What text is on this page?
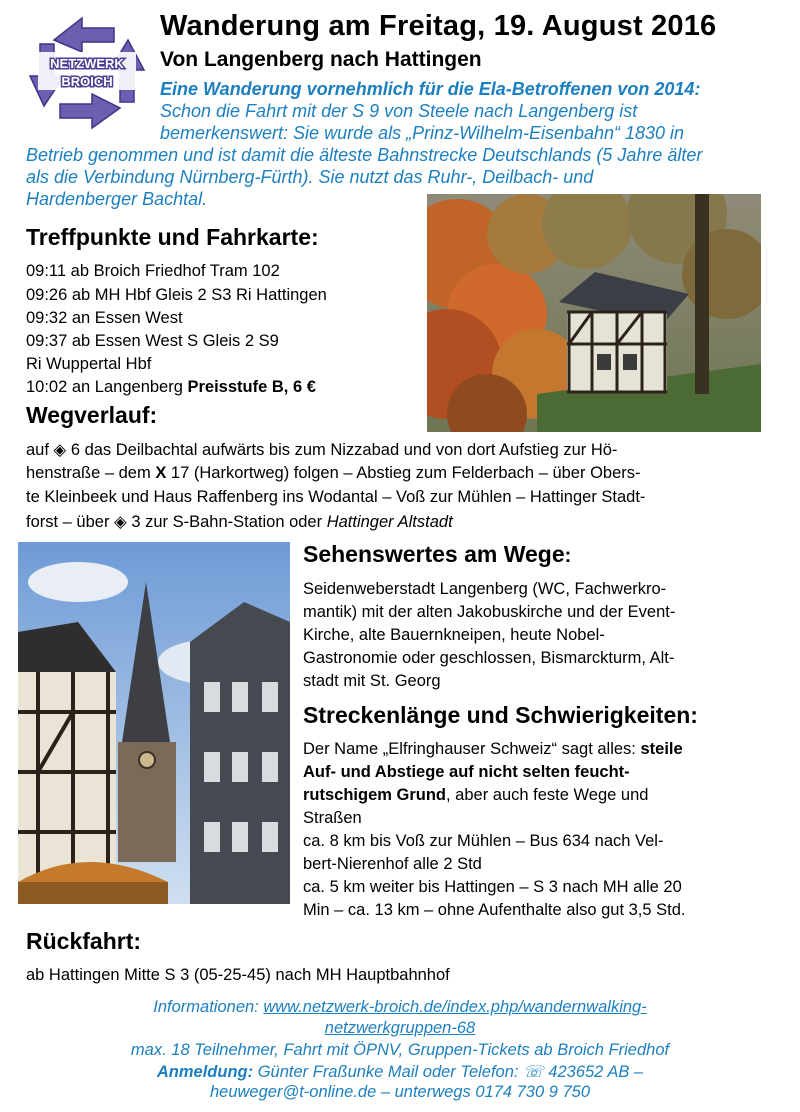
NETZWERK
BROICH
Wanderung am Freitag, 19. August 2016
Von Langenberg nach Hattingen
Eine Wanderung vornehmlich für die Ela-Betroffenen von 2014:
Schon die Fahrt mit der S 9 von Steele nach Langenberg ist
bemerkenswert: Sie wurde als „Prinz-Wilhelm-Eisenbahn“ 1830 in
Betrieb genommen und ist damit die älteste Bahnstrecke Deutschlands (5 Jahre älter
als die Verbindung Nürnberg-Fürth). Sie nutzt das Ruhr-, Deilbach- und
Hardenberger Bachtal.
Treffpunkte und Fahrkarte:
09:11 ab Broich Friedhof Tram 102
09:26 ab MH Hbf Gleis 2 S3 Ri Hattingen
09:32 an Essen West
09:37 ab Essen West S Gleis 2 S9
Ri Wuppertal Hbf
10:02 an Langenberg Preisstufe B, 6 €
Wegverlauf:
auf ◈ 6 das Deilbachtal aufwärts bis zum Nizzabad und von dort Aufstieg zur Hö-
henstraße – dem X 17 (Harkortweg) folgen – Abstieg zum Felderbach – über Obers-
te Kleinbeek und Haus Raffenberg ins Wodantal – Voß zur Mühlen – Hattinger Stadt-
forst – über ◈ 3 zur S-Bahn-Station oder Hattinger Altstadt
Sehenswertes am Wege:
Seidenweberstadt Langenberg (WC, Fachwerkro-
mantik) mit der alten Jakobuskirche und der Event-
Kirche, alte Bauernkneipen, heute Nobel-
Gastronomie oder geschlossen, Bismarckturm, Alt-
stadt mit St. Georg
Streckenlänge und Schwierigkeiten:
Der Name „Elfringhauser Schweiz“ sagt alles: steile
Auf- und Abstiege auf nicht selten feucht-
rutschigem Grund, aber auch feste Wege und
Straßen
ca. 8 km bis Voß zur Mühlen – Bus 634 nach Vel-
bert-Nierenhof alle 2 Std
ca. 5 km weiter bis Hattingen – S 3 nach MH alle 20
Min – ca. 13 km – ohne Aufenthalte also gut 3,5 Std.
Rückfahrt:
ab Hattingen Mitte S 3 (05-25-45) nach MH Hauptbahnhof
Informationen: www.netzwerk-broich.de/index.php/wandernwalking-
netzwerkgruppen-68
max. 18 Teilnehmer, Fahrt mit ÖPNV, Gruppen-Tickets ab Broich Friedhof
Anmeldung: Günter Fraßunke Mail oder Telefon: ☏ 423652 AB –
heuweger@t-online.de – unterwegs 0174 730 9 750
